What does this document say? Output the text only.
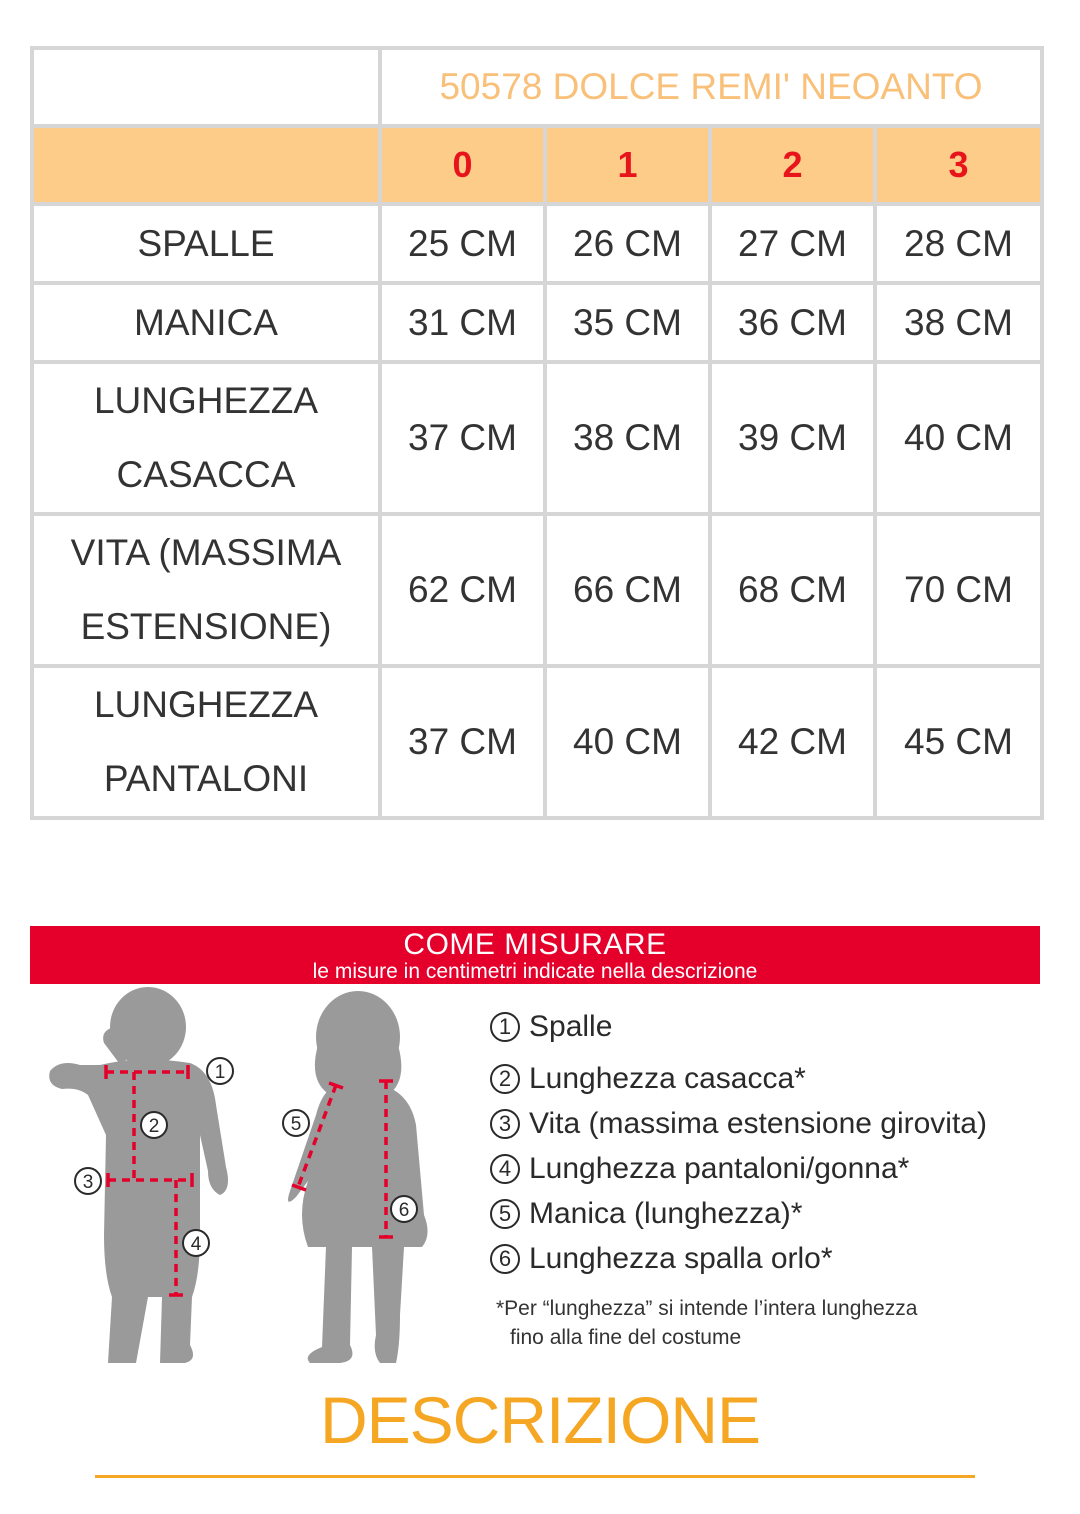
	50578 DOLCE REMI' NEOANTO			
	0	1	2	3
SPALLE	25 CM	26 CM	27 CM	28 CM
MANICA	31 CM	35 CM	36 CM	38 CM
LUNGHEZZA
CASACCA	37 CM	38 CM	39 CM	40 CM
VITA (MASSIMA
ESTENSIONE)	62 CM	66 CM	68 CM	70 CM
LUNGHEZZA
PANTALONI	37 CM	40 CM	42 CM	45 CM
COME MISURARE
le misure in centimetri indicate nella descrizione
1
2
3
4
5
6
1 Spalle
2 Lunghezza casacca*
3 Vita (massima estensione girovita)
4 Lunghezza pantaloni/gonna*
5 Manica (lunghezza)*
6 Lunghezza spalla orlo*
*Per “lunghezza” si intende l’intera lunghezza
fino alla fine del costume
DESCRIZIONE
